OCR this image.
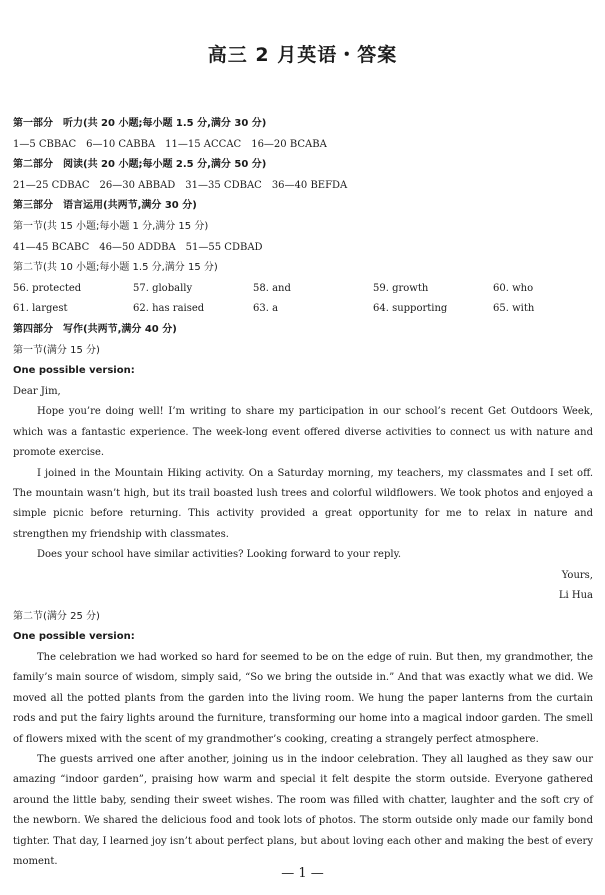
高三 2 月英语・答案
第一部分　听力(共 20 小题;每小题 1.5 分,满分 30 分)
1—5 CBBAC　6—10 CABBA　11—15 ACCAC　16—20 BCABA
第二部分　阅读(共 20 小题;每小题 2.5 分,满分 50 分)
21—25 CDBAC　26—30 ABBAD　31—35 CDBAC　36—40 BEFDA
第三部分　语言运用(共两节,满分 30 分)
第一节(共 15 小题;每小题 1 分,满分 15 分)
41—45 BCABC　46—50 ADDBA　51—55 CDBAD
第二节(共 10 小题;每小题 1.5 分,满分 15 分)
56. protected	57. globally	58. and	59. growth	60. who
61. largest	62. has raised	63. a	64. supporting	65. with
第四部分　写作(共两节,满分 40 分)
第一节(满分 15 分)
One possible version:
Dear Jim,

Hope you’re doing well! I’m writing to share my participation in our school’s recent Get Outdoors Week, which was a fantastic experience. The week-long event offered diverse activities to connect us with nature and promote exercise.

I joined in the Mountain Hiking activity. On a Saturday morning, my teachers, my classmates and I set off. The mountain wasn’t high, but its trail boasted lush trees and colorful wildflowers. We took photos and enjoyed a simple picnic before returning. This activity provided a great opportunity for me to relax in nature and strengthen my friendship with classmates.

Does your school have similar activities? Looking forward to your reply.

Yours,
Li Hua
第二节(满分 25 分)
One possible version:

The celebration we had worked so hard for seemed to be on the edge of ruin. But then, my grandmother, the family’s main source of wisdom, simply said, “So we bring the outside in.” And that was exactly what we did. We moved all the potted plants from the garden into the living room. We hung the paper lanterns from the curtain rods and put the fairy lights around the furniture, transforming our home into a magical indoor garden. The smell of flowers mixed with the scent of my grandmother’s cooking, creating a strangely perfect atmosphere.

The guests arrived one after another, joining us in the indoor celebration. They all laughed as they saw our amazing “indoor garden”, praising how warm and special it felt despite the storm outside. Everyone gathered around the little baby, sending their sweet wishes. The room was filled with chatter, laughter and the soft cry of the newborn. We shared the delicious food and took lots of photos. The storm outside only made our family bond tighter. That day, I learned joy isn’t about perfect plans, but about loving each other and making the best of every moment.

— 1 —
